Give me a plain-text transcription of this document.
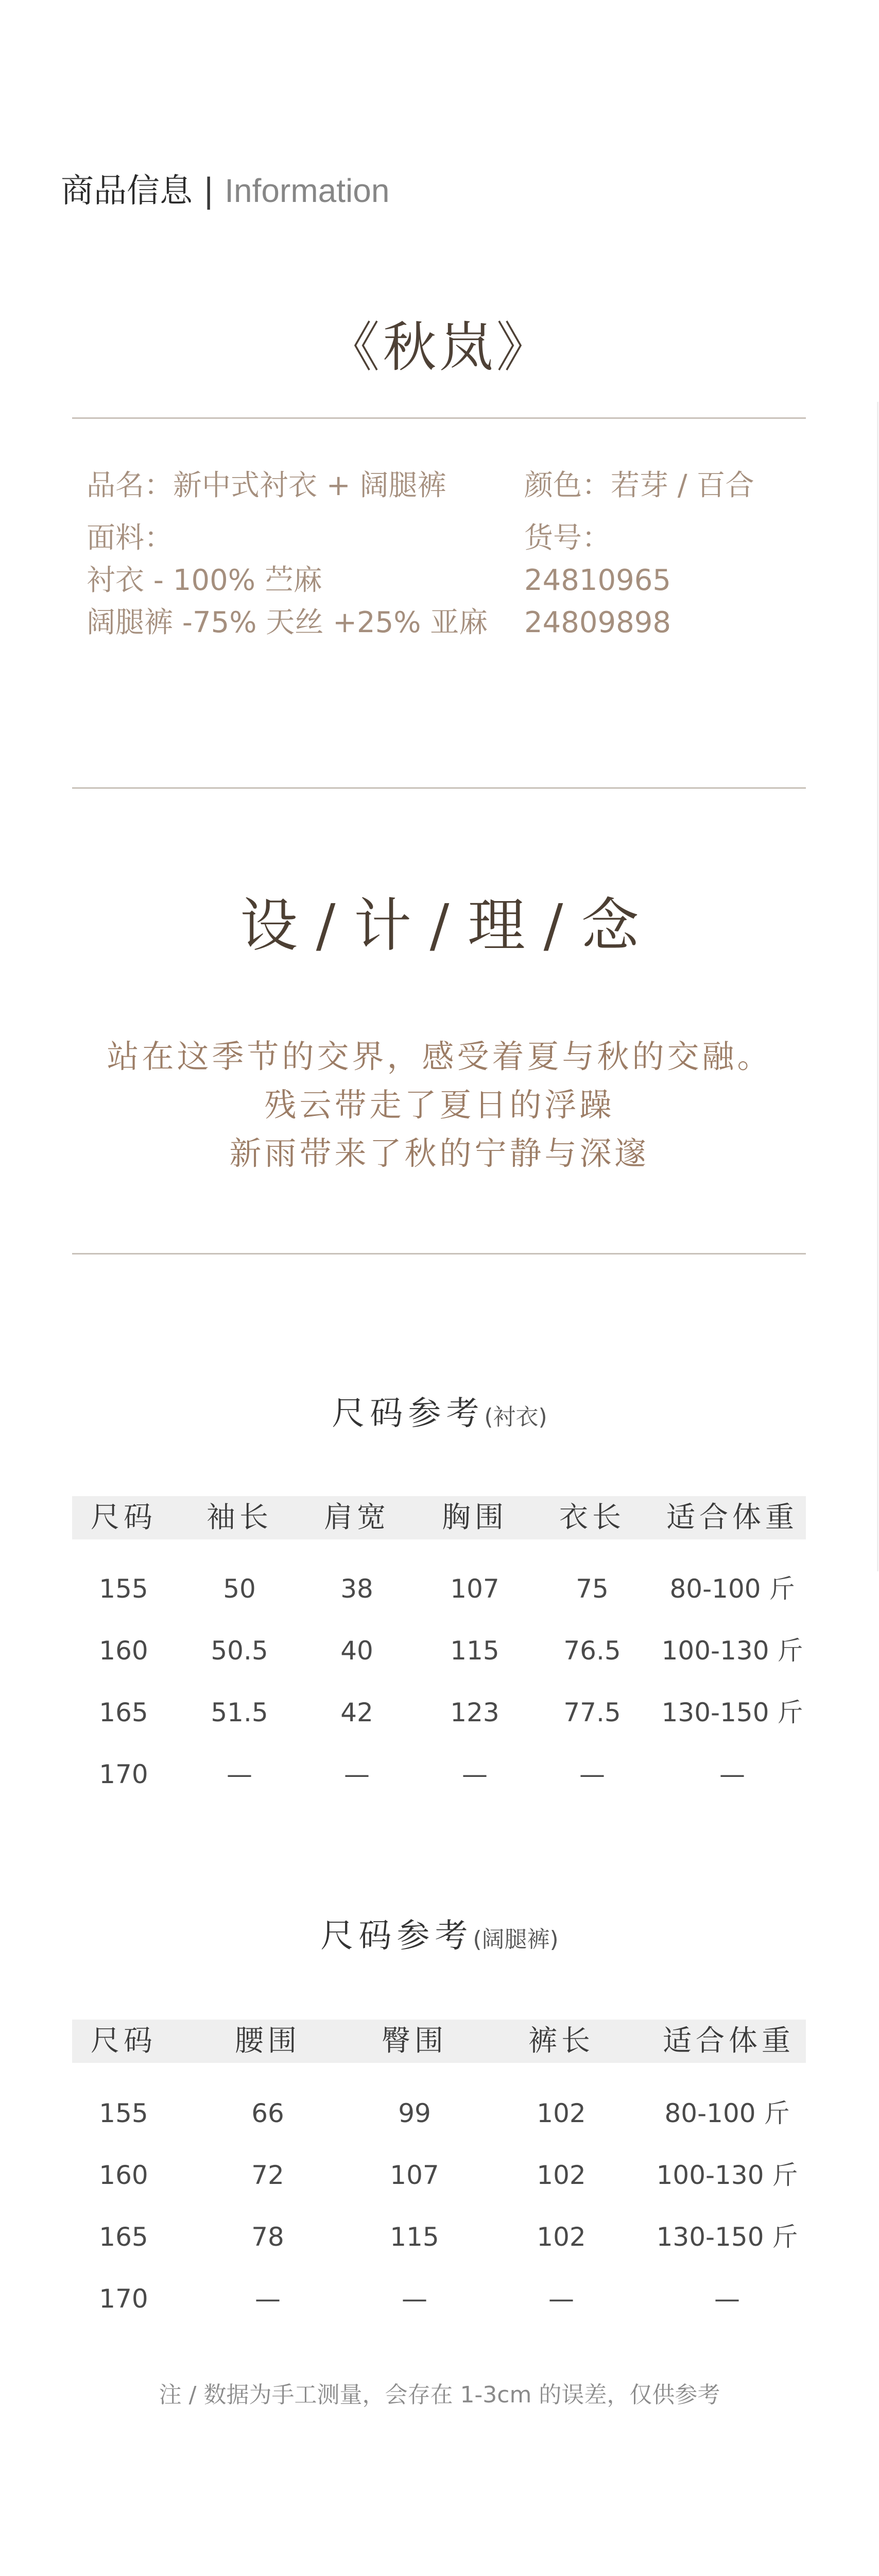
商品信息 | Information
《秋岚》
品名：新中式衬衣 + 阔腿裤
面料：
衬衣 - 100% 苎麻
阔腿裤 -75% 天丝 +25% 亚麻
颜色：若芽 / 百合
货号：
24810965
24809898
设 / 计 / 理 / 念
站在这季节的交界，感受着夏与秋的交融。
残云带走了夏日的浮躁
新雨带来了秋的宁静与深邃
尺码参考(衬衣)
尺码 袖长 肩宽 胸围 衣长 适合体重
155	50	38	107	75 80-100 斤
160 50.5	40	115 76.5 100-130 斤
165 51.5	42	123 77.5 130-150 斤
170	—	—	—	—	—
尺码参考(阔腿裤)
尺码	腰围	臀围	裤长 适合体重
155	66	99	102	80-100 斤
160	72	107	102	100-130 斤
165	78	115	102	130-150 斤
170	—	—	—	—
注 / 数据为手工测量，会存在 1-3cm 的误差，仅供参考
